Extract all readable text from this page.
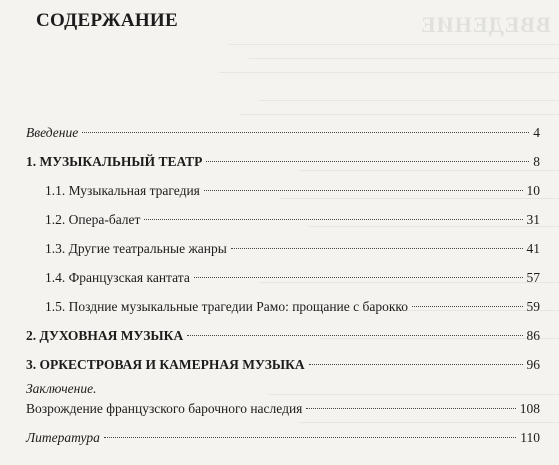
ВВЕДЕНИЕ
СОДЕРЖАНИЕ
Введение	4
1. МУЗЫКАЛЬНЫЙ ТЕАТР	8
1.1. Музыкальная трагедия	10
1.2. Опера-балет	31
1.3. Другие театральные жанры	41
1.4. Французская кантата	57
1.5. Поздние музыкальные трагедии Рамо: прощание с барокко	59
2. ДУХОВНАЯ МУЗЫКА	86
3. ОРКЕСТРОВАЯ И КАМЕРНАЯ МУЗЫКА	96
Заключение.
Возрождение французского барочного наследия	108
Литература	110
